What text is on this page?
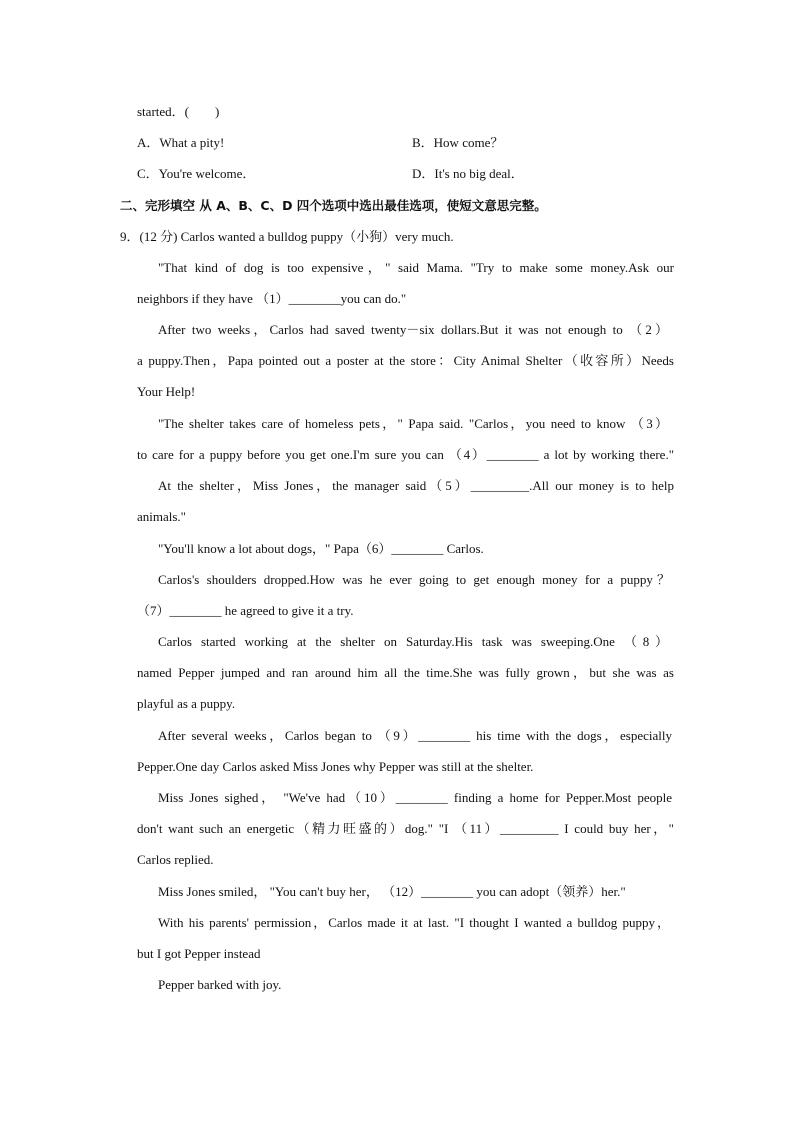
started．(　　)
A．What a pity!	B．How come？
C．You're welcome．	D．It's no big deal．
二、完形填空 从 A、B、C、D 四个选项中选出最佳选项，使短文意思完整。
9．(12 分) Carlos wanted a bulldog puppy（小狗）very much.
"That kind of dog is too expensive，" said Mama. "Try to make some money.Ask our
neighbors if they have （1）________you can do."
After two weeks，Carlos had saved twenty－six dollars.But it was not enough to （2）
a puppy.Then，Papa pointed out a poster at the store：City Animal Shelter（收容所）Needs
Your Help!
"The shelter takes care of homeless pets，" Papa said. "Carlos，you need to know （3）
to care for a puppy before you get one.I'm sure you can （4）________ a lot by working there."
At the shelter，Miss Jones，the manager said（5）_________.All our money is to help
animals."
"You'll know a lot about dogs，" Papa（6）________ Carlos.
Carlos's shoulders dropped.How was he ever going to get enough money for a puppy？
（7）________ he agreed to give it a try.
Carlos started working at the shelter on Saturday.His task was sweeping.One （8）
named Pepper jumped and ran around him all the time.She was fully grown，but she was as
playful as a puppy.
After several weeks，Carlos began to （9）________ his time with the dogs，especially
Pepper.One day Carlos asked Miss Jones why Pepper was still at the shelter.
Miss Jones sighed， "We've had（10）________ finding a home for Pepper.Most people
don't want such an energetic（精力旺盛的）dog." "I （11）_________ I could buy her，"
Carlos replied.
Miss Jones smiled， "You can't buy her， （12）________ you can adopt（领养）her."
With his parents' permission，Carlos made it at last. "I thought I wanted a bulldog puppy，
but I got Pepper instead
Pepper barked with joy.
